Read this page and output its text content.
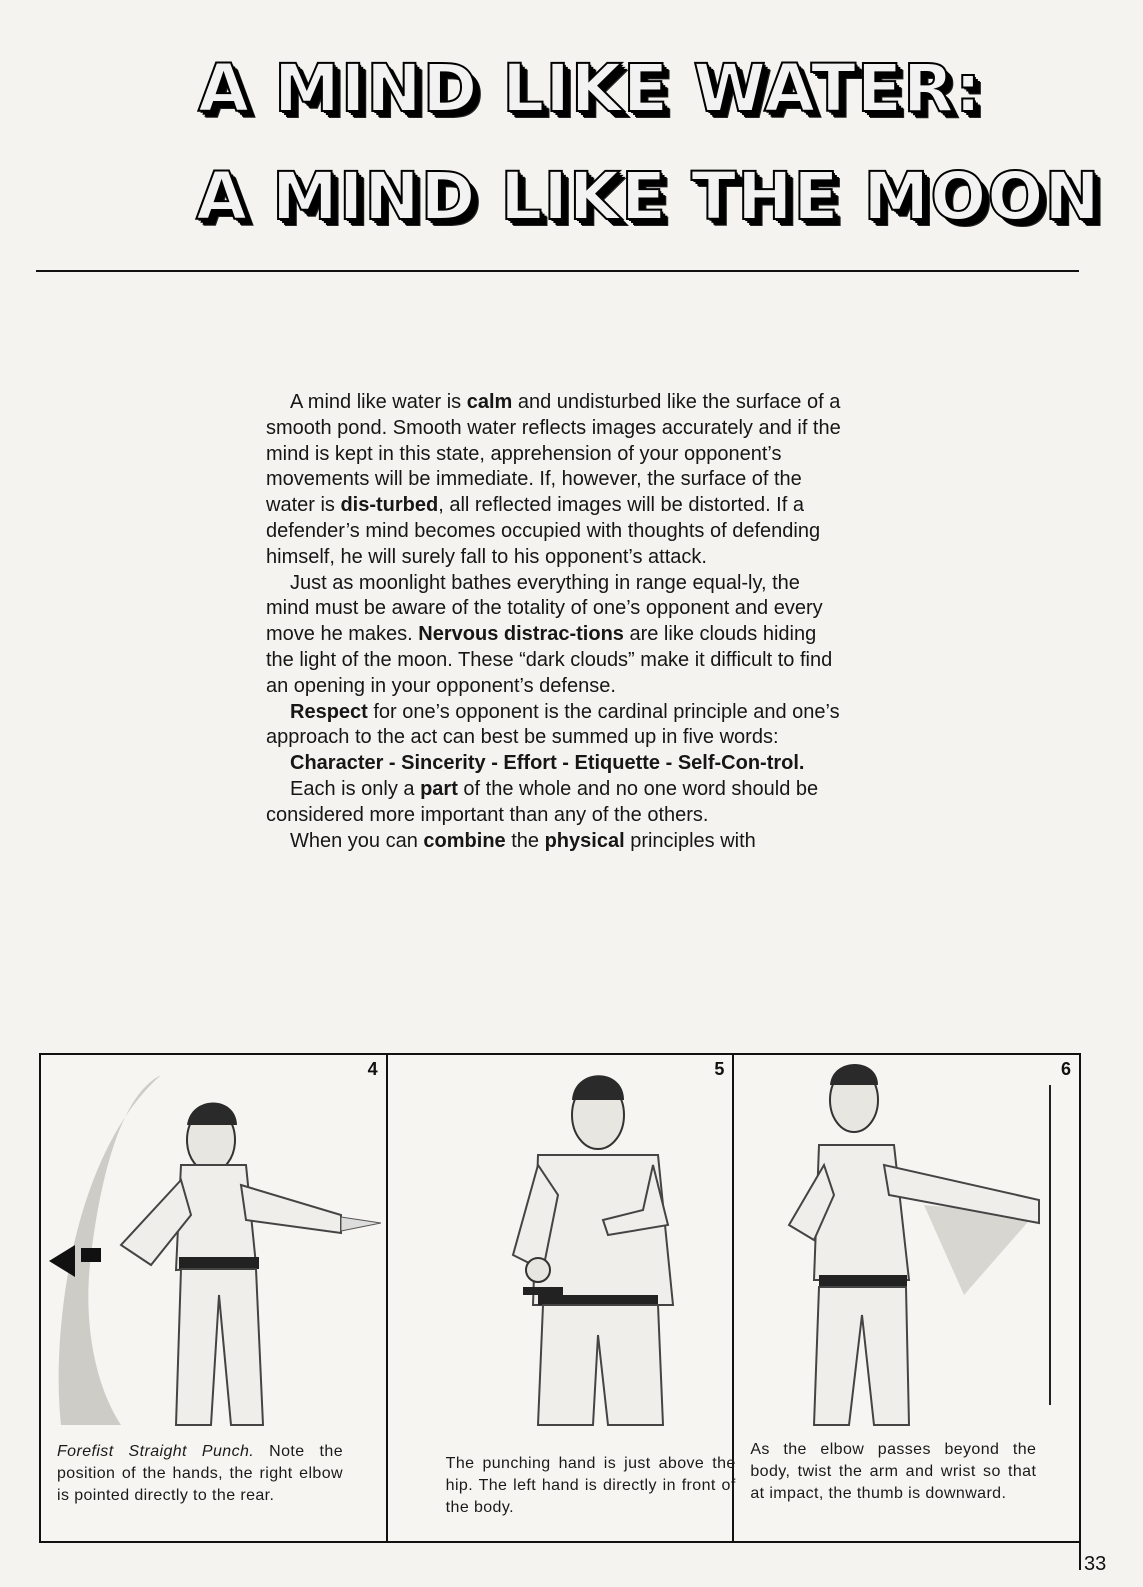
A MIND LIKE WATER:
A MIND LIKE THE MOON

A mind like water is calm and undisturbed like the surface of a smooth pond. Smooth water reflects images accurately and if the mind is kept in this state, apprehension of your opponent’s movements will be immediate. If, however, the surface of the water is dis-turbed, all reflected images will be distorted. If a defender’s mind becomes occupied with thoughts of defending himself, he will surely fall to his opponent’s attack.

Just as moonlight bathes everything in range equal-ly, the mind must be aware of the totality of one’s opponent and every move he makes. Nervous distrac-tions are like clouds hiding the light of the moon. These “dark clouds” make it difficult to find an opening in your opponent’s defense.

Respect for one’s opponent is the cardinal principle and one’s approach to the act can best be summed up in five words:

Character - Sincerity - Effort - Etiquette - Self-Con-trol.

Each is only a part of the whole and no one word should be considered more important than any of the others.

When you can combine the physical principles with

4
Forefist Straight Punch. Note the position of the hands, the right elbow is pointed directly to the rear.
5
The punching hand is just above the hip. The left hand is directly in front of the body.
6
As the elbow passes beyond the body, twist the arm and wrist so that at impact, the thumb is downward.
33
